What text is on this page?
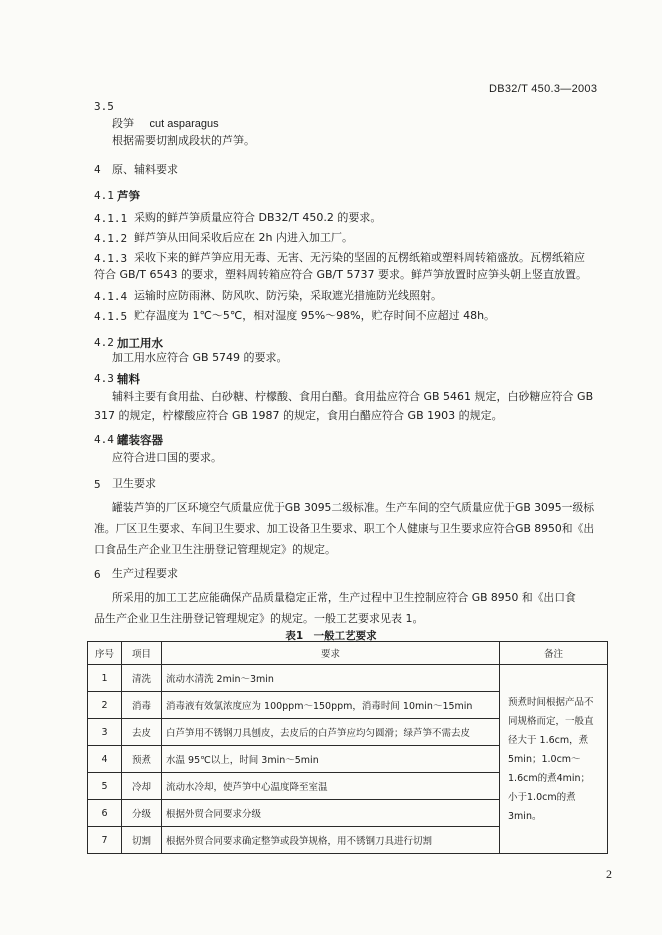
DB32/T 450.3—2003
3.5
段笋 cut asparagus
根据需要切割成段状的芦笋。
4 原、辅料要求
4.1 芦笋
4.1.1 采购的鲜芦笋质量应符合 DB32/T 450.2 的要求。
4.1.2 鲜芦笋从田间采收后应在 2h 内进入加工厂。
4.1.3 采收下来的鲜芦笋应用无毒、无害、无污染的坚固的瓦楞纸箱或塑料周转箱盛放。瓦楞纸箱应
符合 GB/T 6543 的要求，塑料周转箱应符合 GB/T 5737 要求。鲜芦笋放置时应笋头朝上竖直放置。
4.1.4 运输时应防雨淋、防风吹、防污染，采取遮光措施防光线照射。
4.1.5 贮存温度为 1℃～5℃，相对湿度 95%～98%，贮存时间不应超过 48h。
4.2 加工用水
加工用水应符合 GB 5749 的要求。
4.3 辅料
辅料主要有食用盐、白砂糖、柠檬酸、食用白醋。食用盐应符合 GB 5461 规定，白砂糖应符合 GB
317 的规定，柠檬酸应符合 GB 1987 的规定，食用白醋应符合 GB 1903 的规定。
4.4 罐装容器
应符合进口国的要求。
5 卫生要求
罐装芦笋的厂区环境空气质量应优于GB 3095二级标准。生产车间的空气质量应优于GB 3095一级标
准。厂区卫生要求、车间卫生要求、加工设备卫生要求、职工个人健康与卫生要求应符合GB 8950和《出
口食品生产企业卫生注册登记管理规定》的规定。
6 生产过程要求
所采用的加工工艺应能确保产品质量稳定正常，生产过程中卫生控制应符合 GB 8950 和《出口食
品生产企业卫生注册登记管理规定》的规定。一般工艺要求见表 1。
表1　一般工艺要求
序号	项目	要求	备注
1	清洗	流动水清洗 2min～3min	预煮时间根据产品不同规格而定，一般直径大于 1.6cm，煮5min；1.0cm～1.6cm的煮4min；小于1.0cm的煮3min。
2	消毒	消毒液有效氯浓度应为 100ppm～150ppm，消毒时间 10min～15min	
3	去皮	白芦笋用不锈钢刀具刨皮，去皮后的白芦笋应均匀圆滑；绿芦笋不需去皮	
4	预煮	水温 95℃以上，时间 3min～5min	
5	冷却	流动水冷却，使芦笋中心温度降至室温	
6	分级	根据外贸合同要求分级	
7	切割	根据外贸合同要求确定整笋或段笋规格，用不锈钢刀具进行切割	
2
